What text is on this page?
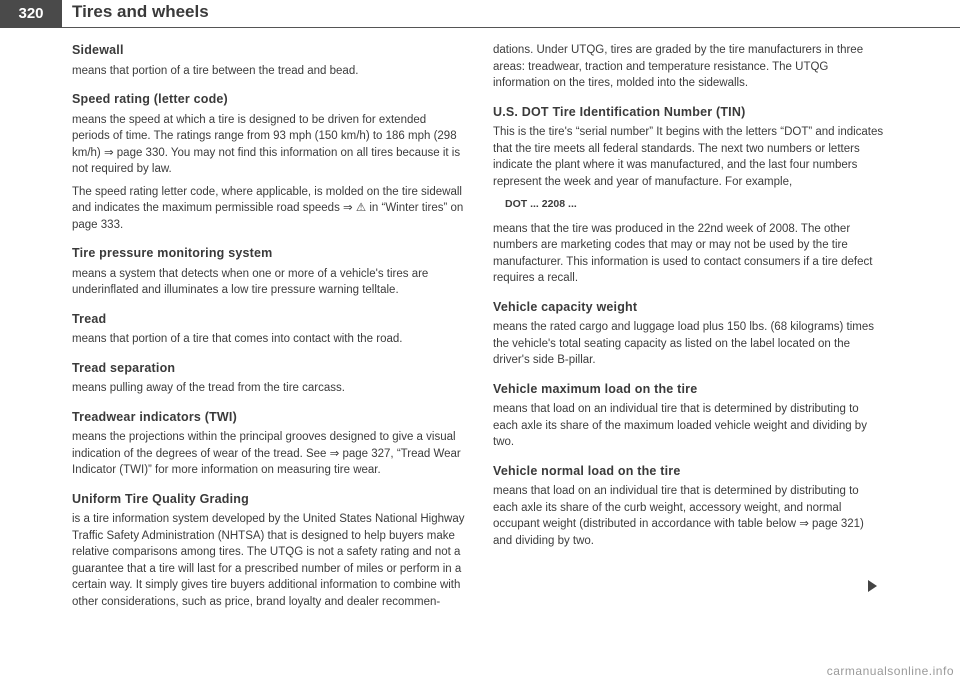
320	Tires and wheels
Sidewall

means that portion of a tire between the tread and bead.

Speed rating (letter code)

means the speed at which a tire is designed to be driven for extended periods of time. The ratings range from 93 mph (150 km/h) to 186 mph (298 km/h) ⇒ page 330. You may not find this information on all tires because it is not required by law.

The speed rating letter code, where applicable, is molded on the tire sidewall and indicates the maximum permissible road speeds ⇒ ⚠ in “Winter tires” on page 333.

Tire pressure monitoring system

means a system that detects when one or more of a vehicle's tires are underinflated and illuminates a low tire pressure warning telltale.

Tread

means that portion of a tire that comes into contact with the road.

Tread separation

means pulling away of the tread from the tire carcass.

Treadwear indicators (TWI)

means the projections within the principal grooves designed to give a visual indication of the degrees of wear of the tread. See ⇒ page 327, “Tread Wear Indicator (TWI)” for more information on measuring tire wear.

Uniform Tire Quality Grading

is a tire information system developed by the United States National Highway Traffic Safety Administration (NHTSA) that is designed to help buyers make relative comparisons among tires. The UTQG is not a safety rating and not a guarantee that a tire will last for a prescribed number of miles or perform in a certain way. It simply gives tire buyers additional information to combine with other considerations, such as price, brand loyalty and dealer recommen-

dations. Under UTQG, tires are graded by the tire manufacturers in three areas: treadwear, traction and temperature resistance. The UTQG information on the tires, molded into the sidewalls.

U.S. DOT Tire Identification Number (TIN)

This is the tire's “serial number” It begins with the letters “DOT” and indicates that the tire meets all federal standards. The next two numbers or letters indicate the plant where it was manufactured, and the last four numbers represent the week and year of manufacture. For example,

DOT ... 2208 ...

means that the tire was produced in the 22nd week of 2008. The other numbers are marketing codes that may or may not be used by the tire manufacturer. This information is used to contact consumers if a tire defect requires a recall.

Vehicle capacity weight

means the rated cargo and luggage load plus 150 lbs. (68 kilograms) times the vehicle's total seating capacity as listed on the label located on the driver's side B-pillar.

Vehicle maximum load on the tire

means that load on an individual tire that is determined by distributing to each axle its share of the maximum loaded vehicle weight and dividing by two.

Vehicle normal load on the tire

means that load on an individual tire that is determined by distributing to each axle its share of the curb weight, accessory weight, and normal occupant weight (distributed in accordance with table below ⇒ page 321) and dividing by two.

carmanualsonline.info
